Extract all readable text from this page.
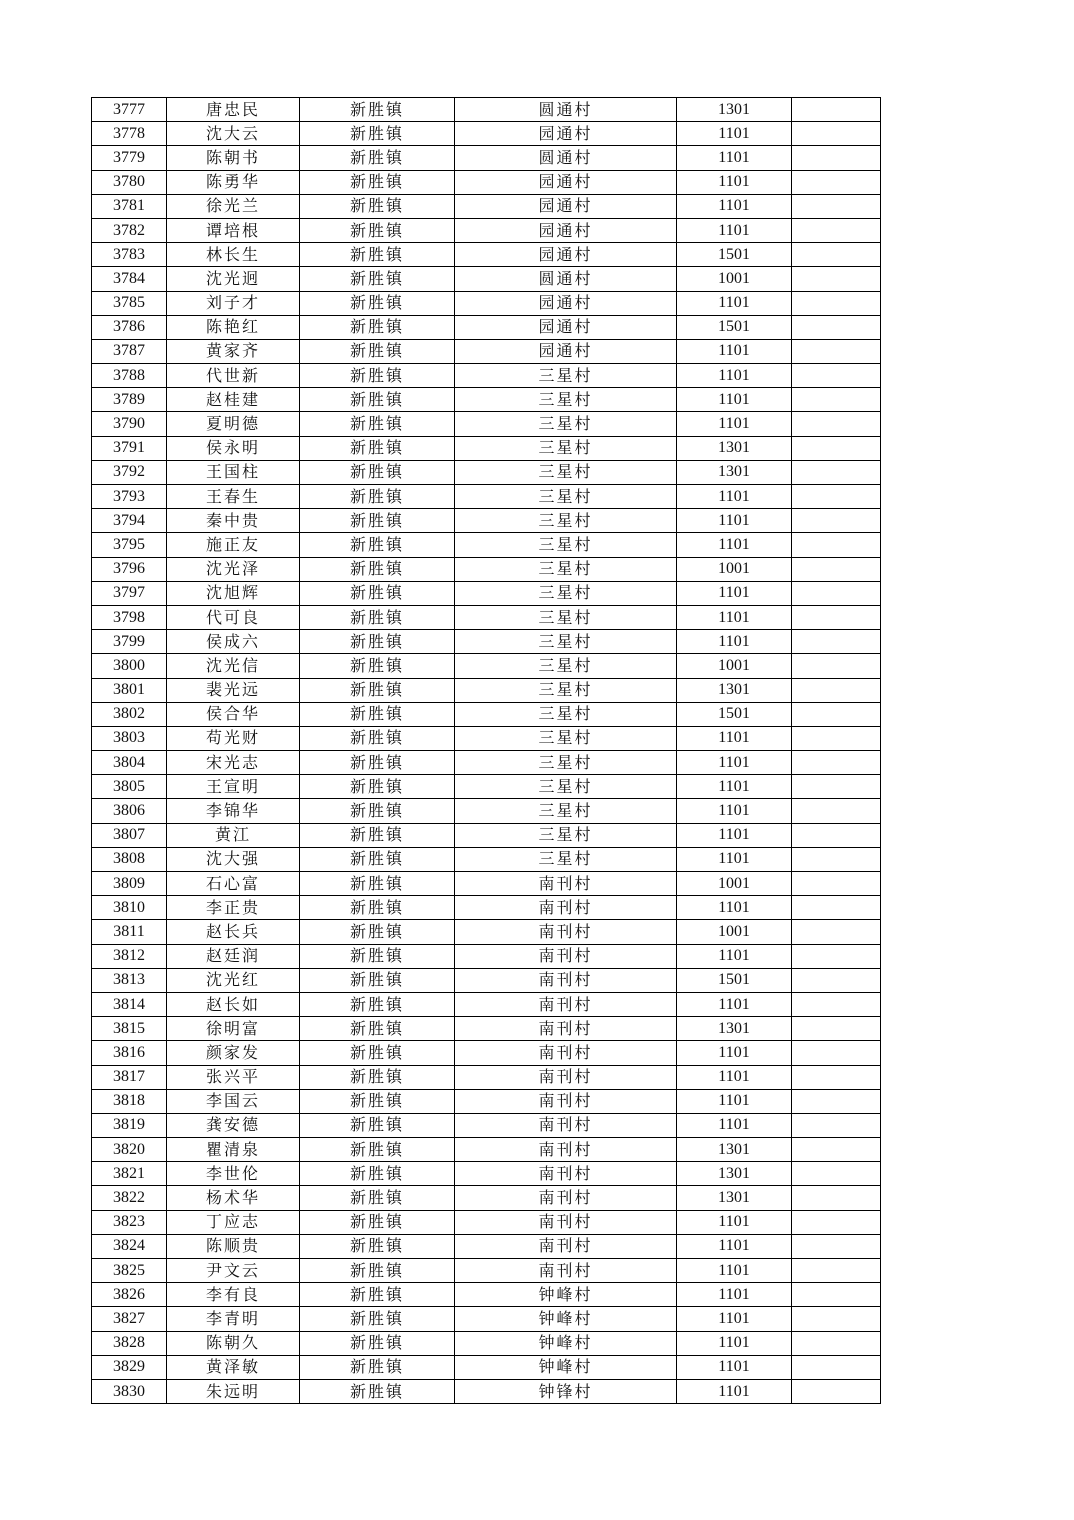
3777	唐忠民	新胜镇	圆通村	1301	
3778	沈大云	新胜镇	园通村	1101	
3779	陈朝书	新胜镇	圆通村	1101	
3780	陈勇华	新胜镇	园通村	1101	
3781	徐光兰	新胜镇	园通村	1101	
3782	谭培根	新胜镇	园通村	1101	
3783	林长生	新胜镇	园通村	1501	
3784	沈光迥	新胜镇	圆通村	1001	
3785	刘子才	新胜镇	园通村	1101	
3786	陈艳红	新胜镇	园通村	1501	
3787	黄家齐	新胜镇	园通村	1101	
3788	代世新	新胜镇	三星村	1101	
3789	赵桂建	新胜镇	三星村	1101	
3790	夏明德	新胜镇	三星村	1101	
3791	侯永明	新胜镇	三星村	1301	
3792	王国柱	新胜镇	三星村	1301	
3793	王春生	新胜镇	三星村	1101	
3794	秦中贵	新胜镇	三星村	1101	
3795	施正友	新胜镇	三星村	1101	
3796	沈光泽	新胜镇	三星村	1001	
3797	沈旭辉	新胜镇	三星村	1101	
3798	代可良	新胜镇	三星村	1101	
3799	侯成六	新胜镇	三星村	1101	
3800	沈光信	新胜镇	三星村	1001	
3801	裴光远	新胜镇	三星村	1301	
3802	侯合华	新胜镇	三星村	1501	
3803	苟光财	新胜镇	三星村	1101	
3804	宋光志	新胜镇	三星村	1101	
3805	王宣明	新胜镇	三星村	1101	
3806	李锦华	新胜镇	三星村	1101	
3807	黄江	新胜镇	三星村	1101	
3808	沈大强	新胜镇	三星村	1101	
3809	石心富	新胜镇	南刊村	1001	
3810	李正贵	新胜镇	南刊村	1101	
3811	赵长兵	新胜镇	南刊村	1001	
3812	赵廷润	新胜镇	南刊村	1101	
3813	沈光红	新胜镇	南刊村	1501	
3814	赵长如	新胜镇	南刊村	1101	
3815	徐明富	新胜镇	南刊村	1301	
3816	颜家发	新胜镇	南刊村	1101	
3817	张兴平	新胜镇	南刊村	1101	
3818	李国云	新胜镇	南刊村	1101	
3819	龚安德	新胜镇	南刊村	1101	
3820	瞿清泉	新胜镇	南刊村	1301	
3821	李世伦	新胜镇	南刊村	1301	
3822	杨术华	新胜镇	南刊村	1301	
3823	丁应志	新胜镇	南刊村	1101	
3824	陈顺贵	新胜镇	南刊村	1101	
3825	尹文云	新胜镇	南刊村	1101	
3826	李有良	新胜镇	钟峰村	1101	
3827	李青明	新胜镇	钟峰村	1101	
3828	陈朝久	新胜镇	钟峰村	1101	
3829	黄泽敏	新胜镇	钟峰村	1101	
3830	朱远明	新胜镇	钟锋村	1101	
